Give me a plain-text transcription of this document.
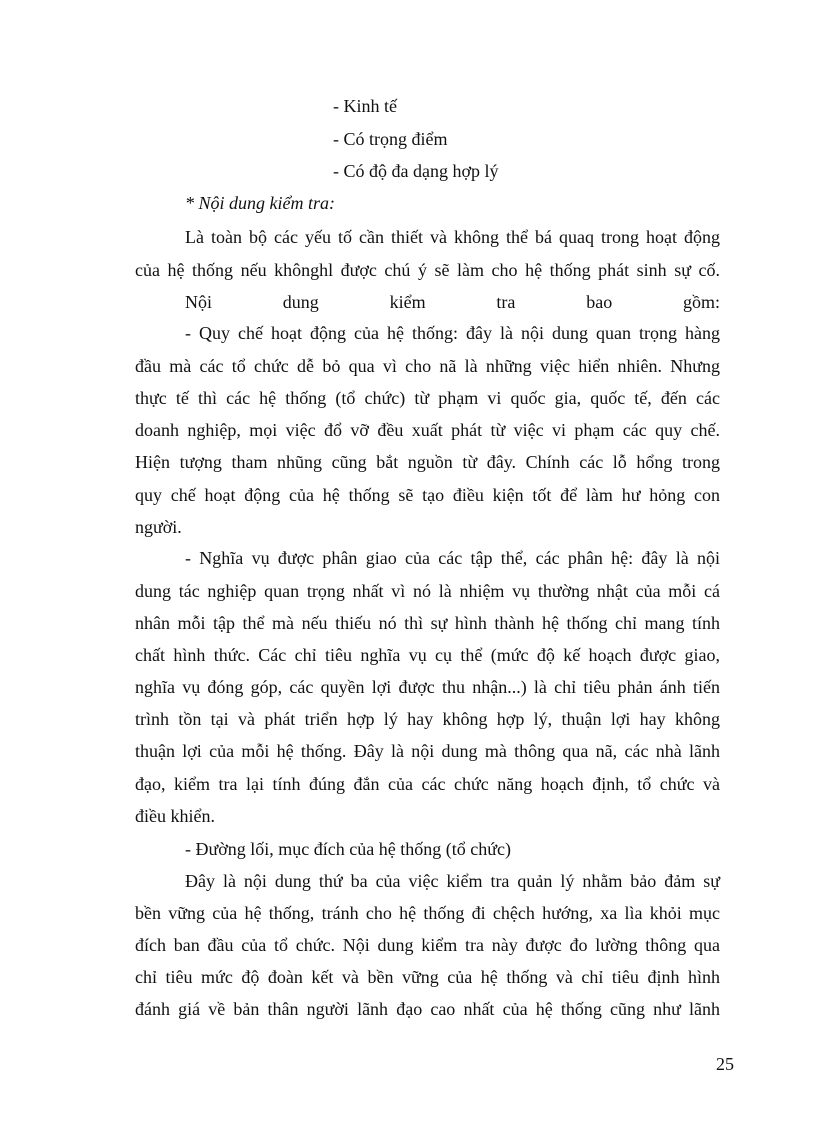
- Kinh tế
- Có trọng điểm
- Có độ đa dạng hợp lý
* Nội dung kiểm tra:
Là toàn bộ các yếu tố cần thiết và không thể bá quaq trong hoạt động
của hệ thống nếu khônghl được chú ý sẽ làm cho hệ thống phát sinh sự cố.
Nội dung kiểm tra bao gồm:
- Quy chế hoạt động của hệ thống: đây là nội dung quan trọng hàng
đầu mà các tổ chức dễ bỏ qua vì cho nã là những việc hiển nhiên. Nhưng
thực tế thì các hệ thống (tổ chức) từ phạm vi quốc gia, quốc tế, đến các
doanh nghiệp, mọi việc đổ vỡ đều xuất phát từ việc vi phạm các quy chế.
Hiện tượng tham nhũng cũng bắt nguồn từ đây. Chính các lỗ hổng trong
quy chế hoạt động của hệ thống sẽ tạo điều kiện tốt để làm hư hỏng con
người.
- Nghĩa vụ được phân giao của các tập thể, các phân hệ: đây là nội
dung tác nghiệp quan trọng nhất vì nó là nhiệm vụ thường nhật của mỗi cá
nhân mỗi tập thể mà nếu thiếu nó thì sự hình thành hệ thống chỉ mang tính
chất hình thức. Các chỉ tiêu nghĩa vụ cụ thể (mức độ kế hoạch được giao,
nghĩa vụ đóng góp, các quyền lợi được thu nhận...) là chỉ tiêu phản ánh tiến
trình tồn tại và phát triển hợp lý hay không hợp lý, thuận lợi hay không
thuận lợi của mỗi hệ thống. Đây là nội dung mà thông qua nã, các nhà lãnh
đạo, kiểm tra lại tính đúng đắn của các chức năng hoạch định, tổ chức và
điều khiển.
- Đường lối, mục đích của hệ thống (tổ chức)
Đây là nội dung thứ ba của việc kiểm tra quản lý nhằm bảo đảm sự
bền vững của hệ thống, tránh cho hệ thống đi chệch hướng, xa lìa khỏi mục
đích ban đầu của tổ chức. Nội dung kiểm tra này được đo lường thông qua
chỉ tiêu mức độ đoàn kết và bền vững của hệ thống và chỉ tiêu định hình
đánh giá về bản thân người lãnh đạo cao nhất của hệ thống cũng như lãnh
25
